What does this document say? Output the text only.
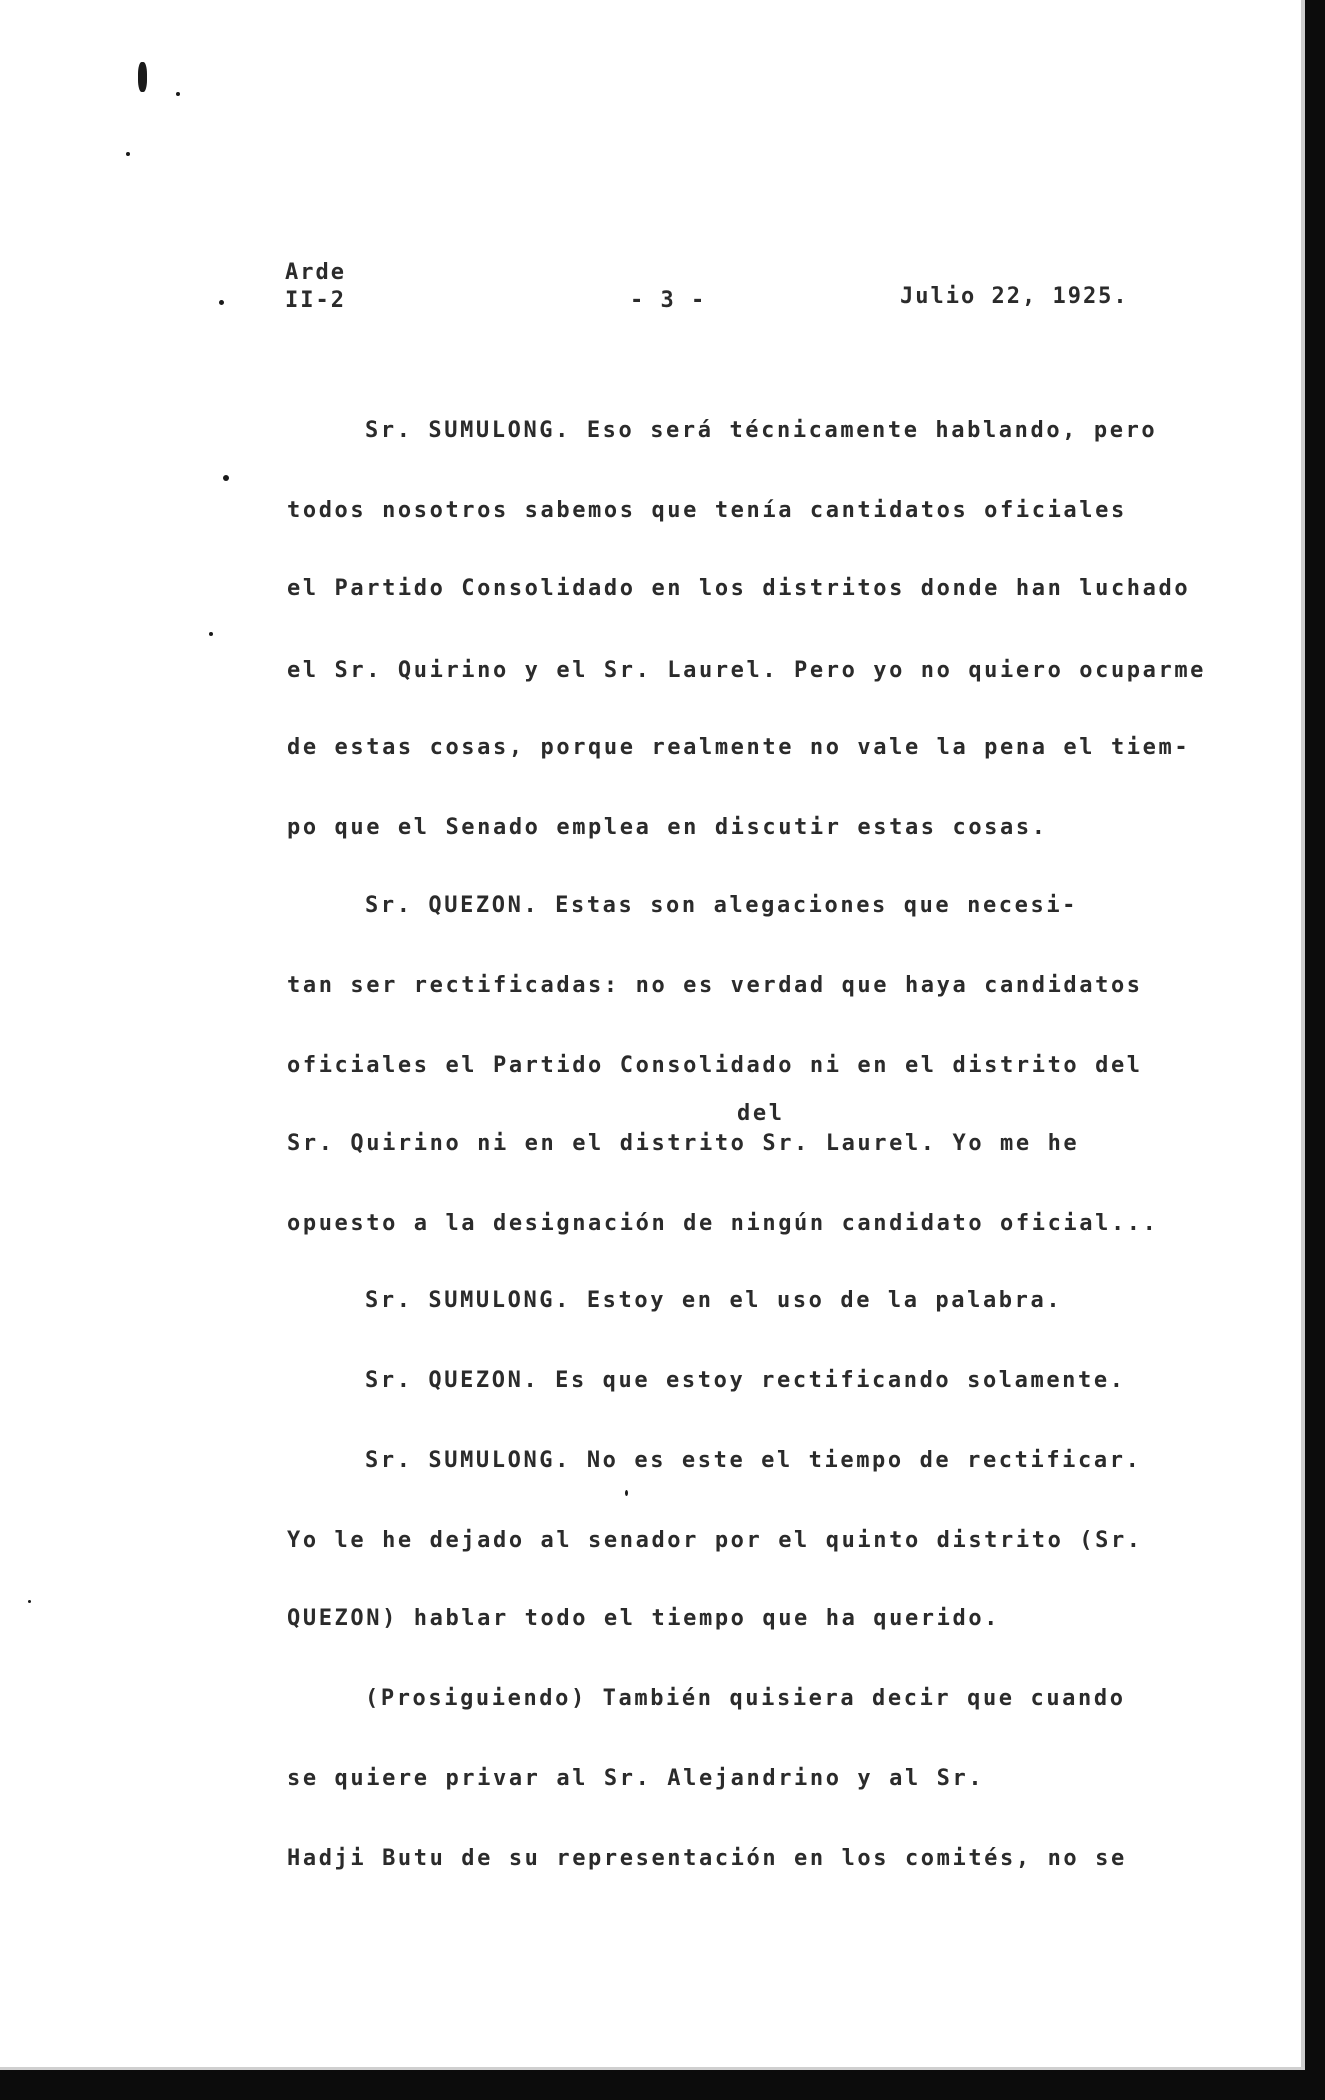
Arde
II-2	- 3 -	Julio 22, 1925.
Sr. SUMULONG. Eso será técnicamente hablando, pero
todos nosotros sabemos que tenía cantidatos oficiales
el Partido Consolidado en los distritos donde han luchado
el Sr. Quirino y el Sr. Laurel. Pero yo no quiero ocuparme
de estas cosas, porque realmente no vale la pena el tiem-
po que el Senado emplea en discutir estas cosas.
Sr. QUEZON. Estas son alegaciones que necesi-
tan ser rectificadas: no es verdad que haya candidatos
oficiales el Partido Consolidado ni en el distrito del
del
Sr. Quirino ni en el distrito Sr. Laurel. Yo me he
opuesto a la designación de ningún candidato oficial...
Sr. SUMULONG. Estoy en el uso de la palabra.
Sr. QUEZON. Es que estoy rectificando solamente.
Sr. SUMULONG. No es este el tiempo de rectificar.
Yo le he dejado al senador por el quinto distrito (Sr.
QUEZON) hablar todo el tiempo que ha querido.
(Prosiguiendo) También quisiera decir que cuando
se quiere privar al Sr. Alejandrino y al Sr.
Hadji Butu de su representación en los comités, no se
